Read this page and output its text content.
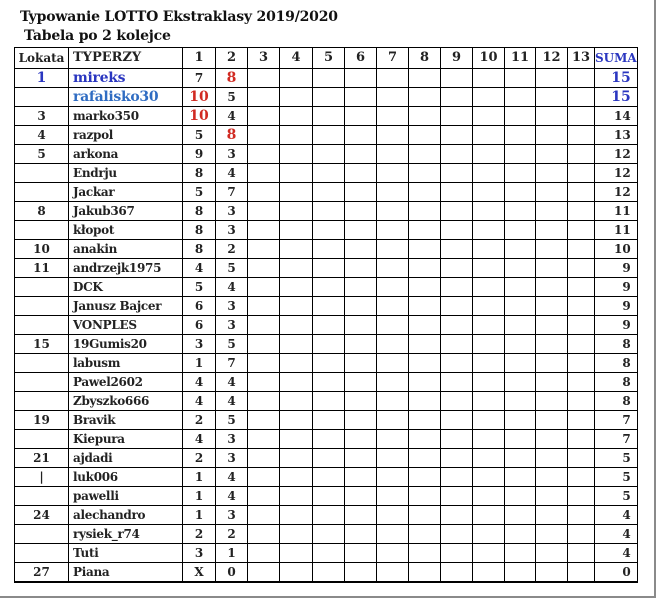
Typowanie LOTTO Ekstraklasy 2019/2020
Tabela po 2 kolejce
Lokata	TYPERZY	1	2	3	4	5	6	7	8	9	10	11	12	13	SUMA
1	mireks	7	8												15
	rafalisko30	10	5												15
3	marko350	10	4												14
4	razpol	5	8												13
5	arkona	9	3												12
	Endrju	8	4												12
	Jackar	5	7												12
8	Jakub367	8	3												11
	kłopot	8	3												11
10	anakin	8	2												10
11	andrzejk1975	4	5												9
	DCK	5	4												9
	Janusz Bajcer	6	3												9
	VONPLES	6	3												9
15	19Gumis20	3	5												8
	labusm	1	7												8
	Pawel2602	4	4												8
	Zbyszko666	4	4												8
19	Bravik	2	5												7
	Kiepura	4	3												7
21	ajdadi	2	3												5
|	luk006	1	4												5
	pawelli	1	4												5
24	alechandro	1	3												4
	rysiek_r74	2	2												4
	Tuti	3	1												4
27	Piana	X	0												0
